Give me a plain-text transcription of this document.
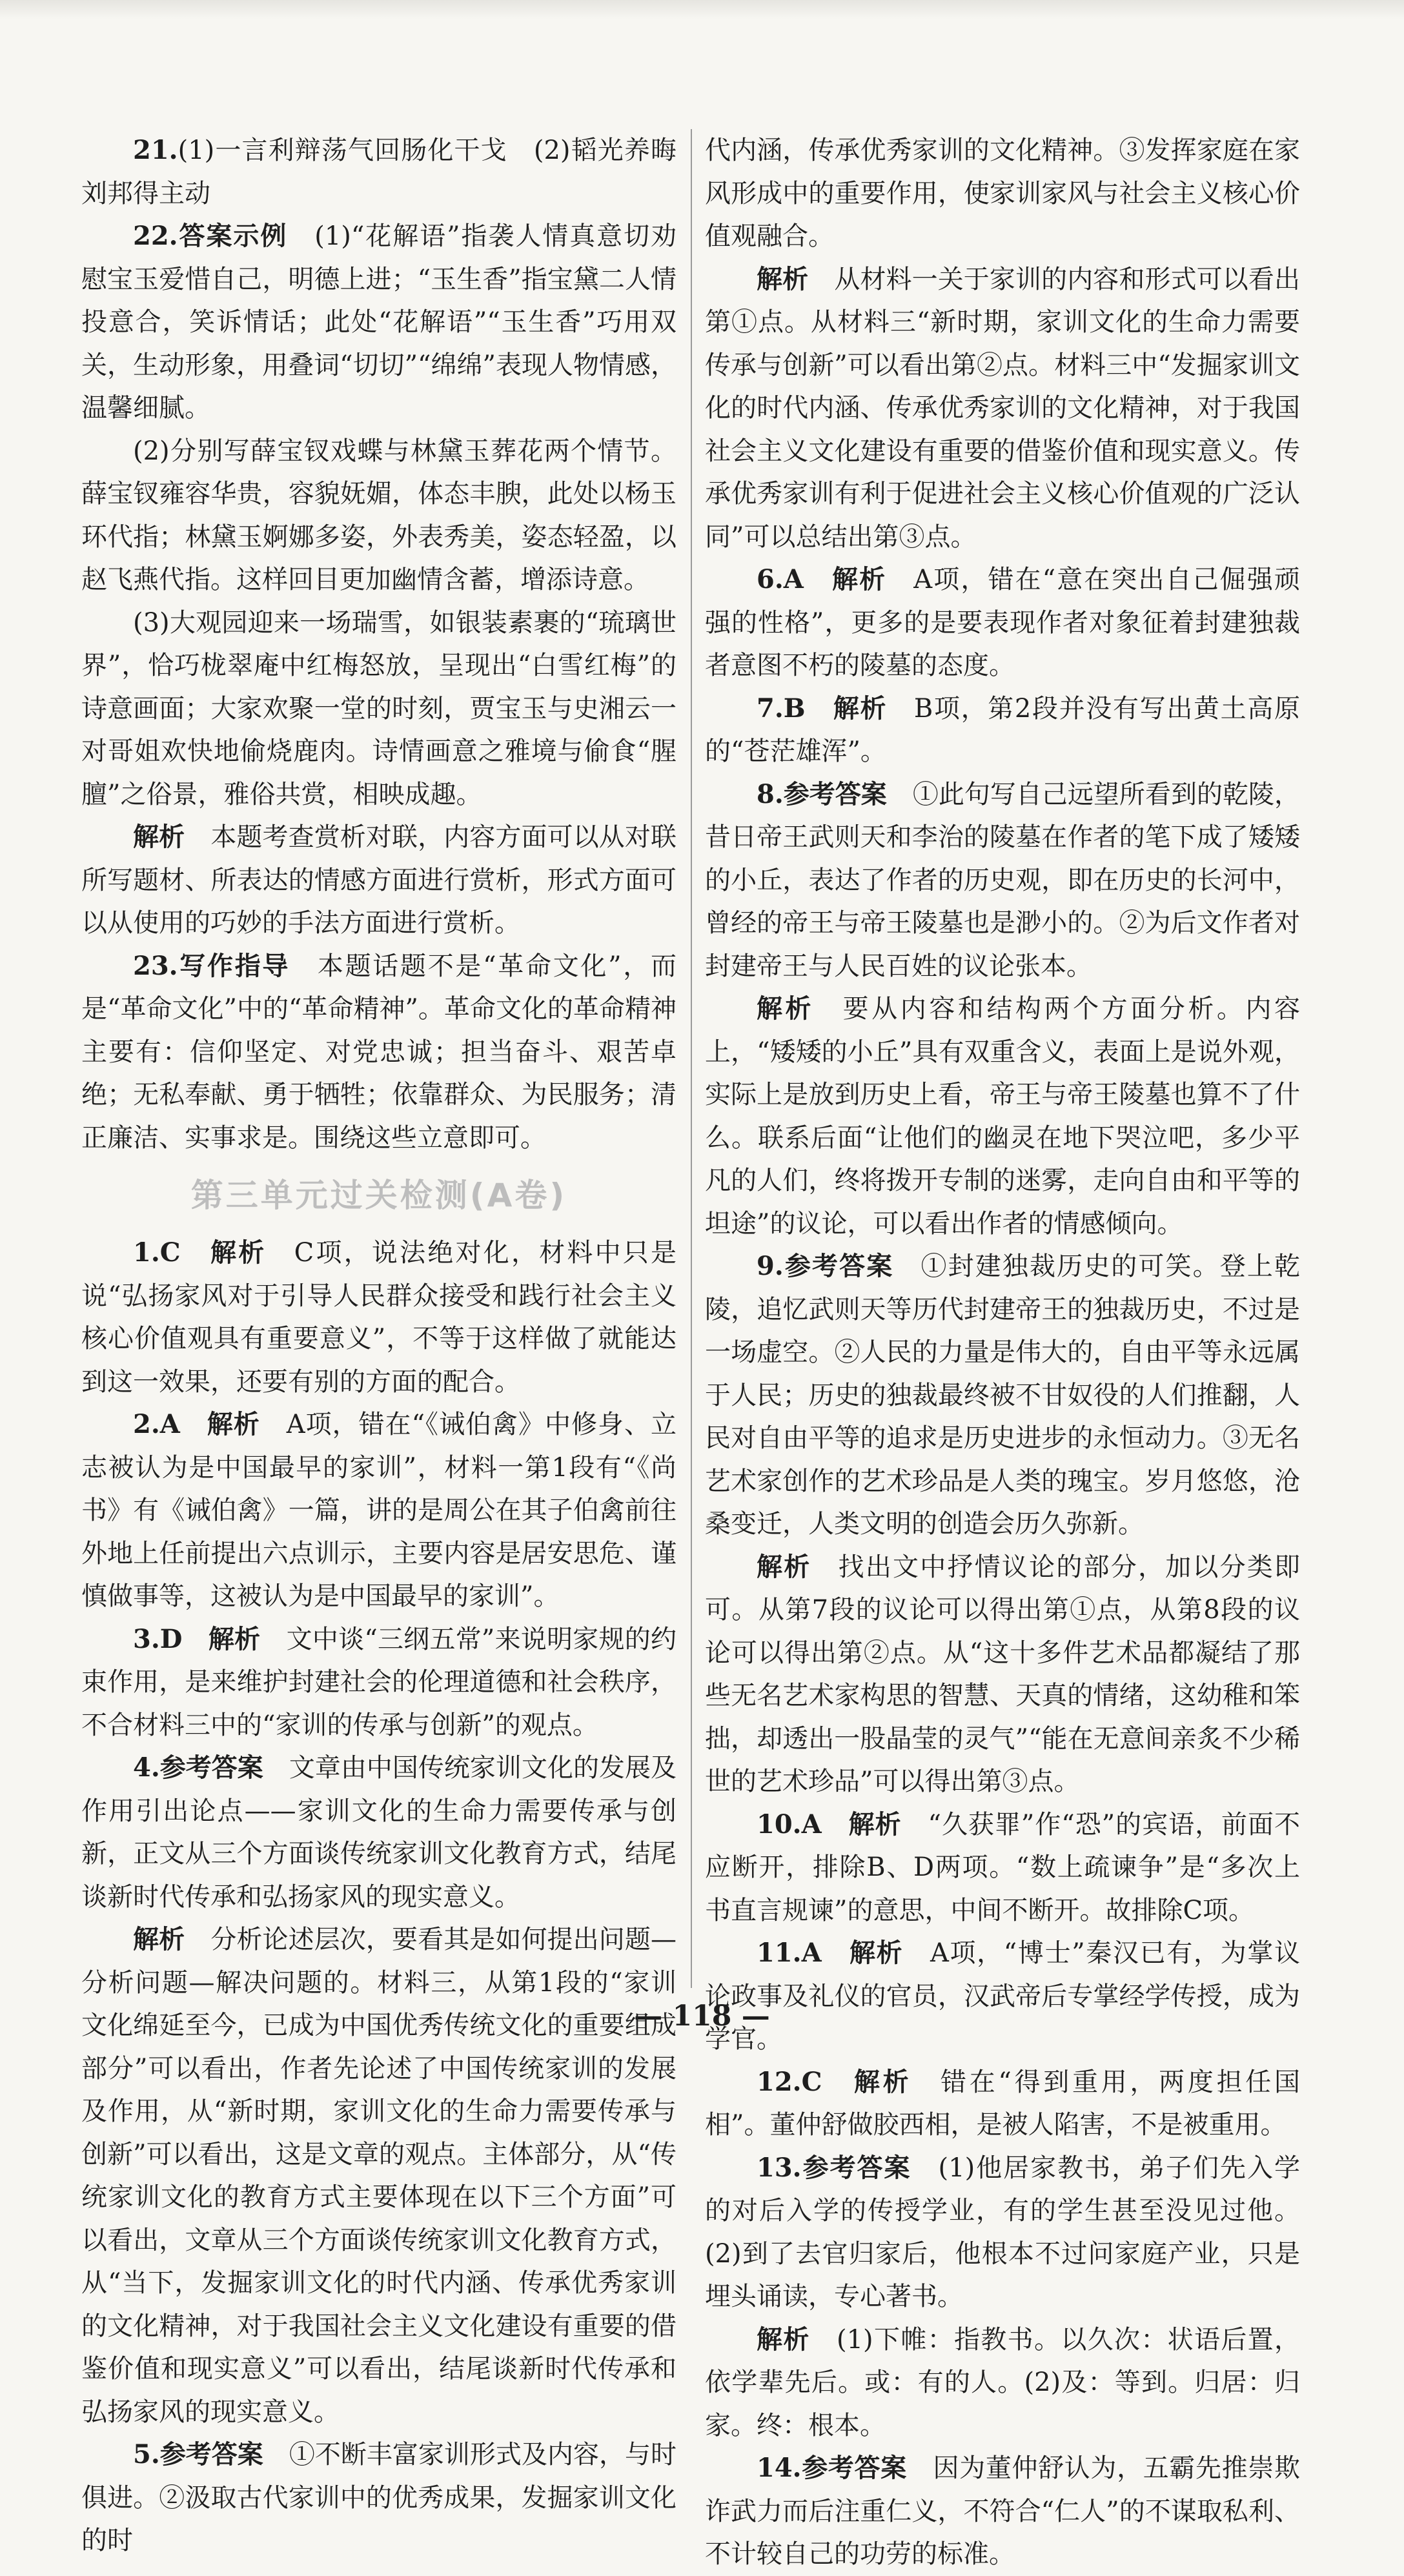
21.(1)一言利辩荡气回肠化干戈　(2)韬光养晦刘邦得主动

22.答案示例　(1)“花解语”指袭人情真意切劝慰宝玉爱惜自己，明德上进；“玉生香”指宝黛二人情投意合，笑诉情话；此处“花解语”“玉生香”巧用双关，生动形象，用叠词“切切”“绵绵”表现人物情感，温馨细腻。

(2)分别写薛宝钗戏蝶与林黛玉葬花两个情节。薛宝钗雍容华贵，容貌妩媚，体态丰腴，此处以杨玉环代指；林黛玉婀娜多姿，外表秀美，姿态轻盈，以赵飞燕代指。这样回目更加幽情含蓄，增添诗意。

(3)大观园迎来一场瑞雪，如银装素裹的“琉璃世界”，恰巧栊翠庵中红梅怒放，呈现出“白雪红梅”的诗意画面；大家欢聚一堂的时刻，贾宝玉与史湘云一对哥姐欢快地偷烧鹿肉。诗情画意之雅境与偷食“腥膻”之俗景，雅俗共赏，相映成趣。

解析　本题考查赏析对联，内容方面可以从对联所写题材、所表达的情感方面进行赏析，形式方面可以从使用的巧妙的手法方面进行赏析。

23.写作指导　本题话题不是“革命文化”，而是“革命文化”中的“革命精神”。革命文化的革命精神主要有：信仰坚定、对党忠诚；担当奋斗、艰苦卓绝；无私奉献、勇于牺牲；依靠群众、为民服务；清正廉洁、实事求是。围绕这些立意即可。

第三单元过关检测(A卷)

1.C　解析　C项，说法绝对化，材料中只是说“弘扬家风对于引导人民群众接受和践行社会主义核心价值观具有重要意义”，不等于这样做了就能达到这一效果，还要有别的方面的配合。

2.A　解析　A项，错在“《诫伯禽》中修身、立志被认为是中国最早的家训”，材料一第1段有“《尚书》有《诫伯禽》一篇，讲的是周公在其子伯禽前往外地上任前提出六点训示，主要内容是居安思危、谨慎做事等，这被认为是中国最早的家训”。

3.D　解析　文中谈“三纲五常”来说明家规的约束作用，是来维护封建社会的伦理道德和社会秩序，不合材料三中的“家训的传承与创新”的观点。

4.参考答案　文章由中国传统家训文化的发展及作用引出论点——家训文化的生命力需要传承与创新，正文从三个方面谈传统家训文化教育方式，结尾谈新时代传承和弘扬家风的现实意义。

解析　分析论述层次，要看其是如何提出问题—分析问题—解决问题的。材料三，从第1段的“家训文化绵延至今，已成为中国优秀传统文化的重要组成部分”可以看出，作者先论述了中国传统家训的发展及作用，从“新时期，家训文化的生命力需要传承与创新”可以看出，这是文章的观点。主体部分，从“传统家训文化的教育方式主要体现在以下三个方面”可以看出，文章从三个方面谈传统家训文化教育方式，从“当下，发掘家训文化的时代内涵、传承优秀家训的文化精神，对于我国社会主义文化建设有重要的借鉴价值和现实意义”可以看出，结尾谈新时代传承和弘扬家风的现实意义。

5.参考答案　①不断丰富家训形式及内容，与时俱进。②汲取古代家训中的优秀成果，发掘家训文化的时

代内涵，传承优秀家训的文化精神。③发挥家庭在家风形成中的重要作用，使家训家风与社会主义核心价值观融合。

解析　从材料一关于家训的内容和形式可以看出第①点。从材料三“新时期，家训文化的生命力需要传承与创新”可以看出第②点。材料三中“发掘家训文化的时代内涵、传承优秀家训的文化精神，对于我国社会主义文化建设有重要的借鉴价值和现实意义。传承优秀家训有利于促进社会主义核心价值观的广泛认同”可以总结出第③点。

6.A　解析　A项，错在“意在突出自己倔强顽强的性格”，更多的是要表现作者对象征着封建独裁者意图不朽的陵墓的态度。

7.B　解析　B项，第2段并没有写出黄土高原的“苍茫雄浑”。

8.参考答案　①此句写自己远望所看到的乾陵，昔日帝王武则天和李治的陵墓在作者的笔下成了矮矮的小丘，表达了作者的历史观，即在历史的长河中，曾经的帝王与帝王陵墓也是渺小的。②为后文作者对封建帝王与人民百姓的议论张本。

解析　要从内容和结构两个方面分析。内容上，“矮矮的小丘”具有双重含义，表面上是说外观，实际上是放到历史上看，帝王与帝王陵墓也算不了什么。联系后面“让他们的幽灵在地下哭泣吧，多少平凡的人们，终将拨开专制的迷雾，走向自由和平等的坦途”的议论，可以看出作者的情感倾向。

9.参考答案　①封建独裁历史的可笑。登上乾陵，追忆武则天等历代封建帝王的独裁历史，不过是一场虚空。②人民的力量是伟大的，自由平等永远属于人民；历史的独裁最终被不甘奴役的人们推翻，人民对自由平等的追求是历史进步的永恒动力。③无名艺术家创作的艺术珍品是人类的瑰宝。岁月悠悠，沧桑变迁，人类文明的创造会历久弥新。

解析　找出文中抒情议论的部分，加以分类即可。从第7段的议论可以得出第①点，从第8段的议论可以得出第②点。从“这十多件艺术品都凝结了那些无名艺术家构思的智慧、天真的情绪，这幼稚和笨拙，却透出一股晶莹的灵气”“能在无意间亲炙不少稀世的艺术珍品”可以得出第③点。

10.A　解析　“久获罪”作“恐”的宾语，前面不应断开，排除B、D两项。“数上疏谏争”是“多次上书直言规谏”的意思，中间不断开。故排除C项。

11.A　解析　A项，“博士”秦汉已有，为掌议论政事及礼仪的官员，汉武帝后专掌经学传授，成为学官。

12.C　解析　错在“得到重用，两度担任国相”。董仲舒做胶西相，是被人陷害，不是被重用。

13.参考答案　(1)他居家教书，弟子们先入学的对后入学的传授学业，有的学生甚至没见过他。(2)到了去官归家后，他根本不过问家庭产业，只是埋头诵读，专心著书。

解析　(1)下帷：指教书。以久次：状语后置，依学辈先后。或：有的人。(2)及：等到。归居：归家。终：根本。

14.参考答案　因为董仲舒认为，五霸先推崇欺诈武力而后注重仁义，不符合“仁人”的不谋取私利、不计较自己的功劳的标准。

— 118 —
